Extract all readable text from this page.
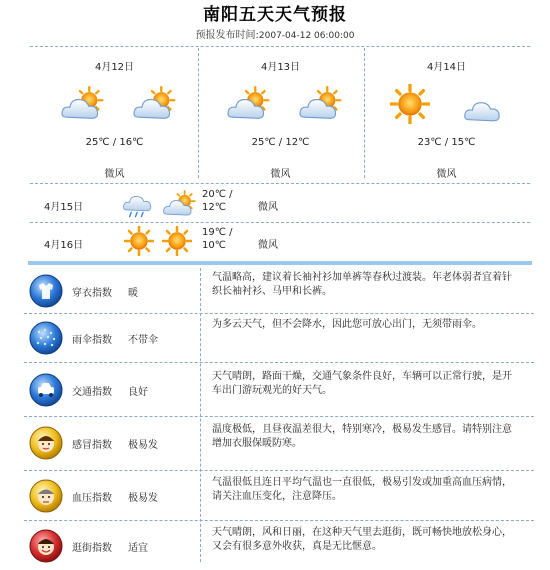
南阳五天天气预报
预报发布时间:2007-04-12 06:00:00
4月12日
25℃ / 16℃
微风
4月13日
25℃ / 12℃
微风
4月14日
23℃ / 15℃
微风
4月15日
20℃ /
12℃	微风
4月16日
19℃ /
10℃	微风
穿衣指数 暖
气温略高，建议着长袖衬衫加单裤等春秋过渡装。年老体弱者宜着针织长袖衬衫、马甲和长裤。
雨伞指数 不带伞
为多云天气，但不会降水，因此您可放心出门，无须带雨伞。
交通指数 良好
天气晴朗，路面干燥，交通气象条件良好，车辆可以正常行驶，是开车出门游玩观光的好天气。
感冒指数 极易发
温度极低，且昼夜温差很大，特别寒冷，极易发生感冒。请特别注意增加衣服保暖防寒。
血压指数 极易发
气温很低且连日平均气温也一直很低，极易引发或加重高血压病情，请关注血压变化，注意降压。
逛街指数 适宜
天气晴朗，风和日丽，在这种天气里去逛街，既可畅快地放松身心，又会有很多意外收获，真是无比惬意。
